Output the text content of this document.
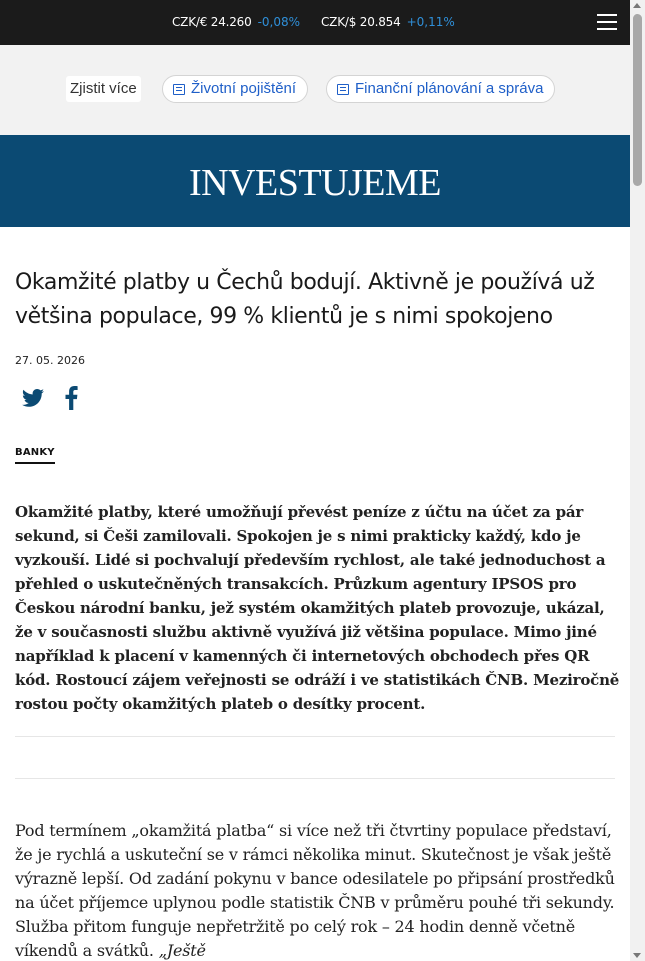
CZK/€ 24.260 -0,08% CZK/$ 20.854 +0,11%
Zjistit více	Životní pojištění	Finanční plánování a správa
INVESTUJEME
Okamžité platby u Čechů bodují. Aktivně je používá už většina populace, 99 % klientů je s nimi spokojeno
27. 05. 2026
BANKY

Okamžité platby, které umožňují převést peníze z účtu na účet za pár sekund, si Češi zamilovali. Spokojen je s nimi prakticky každý, kdo je vyzkouší. Lidé si pochvalují především rychlost, ale také jednoduchost a přehled o uskutečněných transakcích. Průzkum agentury IPSOS pro Českou národní banku, jež systém okamžitých plateb provozuje, ukázal, že v současnosti službu aktivně využívá již většina populace. Mimo jiné například k placení v kamenných či internetových obchodech přes QR kód. Rostoucí zájem veřejnosti se odráží i ve statistikách ČNB. Meziročně rostou počty okamžitých plateb o desítky procent.

Pod termínem „okamžitá platba“ si více než tři čtvrtiny populace představí, že je rychlá a uskuteční se v rámci několika minut. Skutečnost je však ještě výrazně lepší. Od zadání pokynu v bance odesilatele po připsání prostředků na účet příjemce uplynou podle statistik ČNB v průměru pouhé tři sekundy. Služba přitom funguje nepřetržitě po celý rok – 24 hodin denně včetně víkendů a svátků. „Ještě
